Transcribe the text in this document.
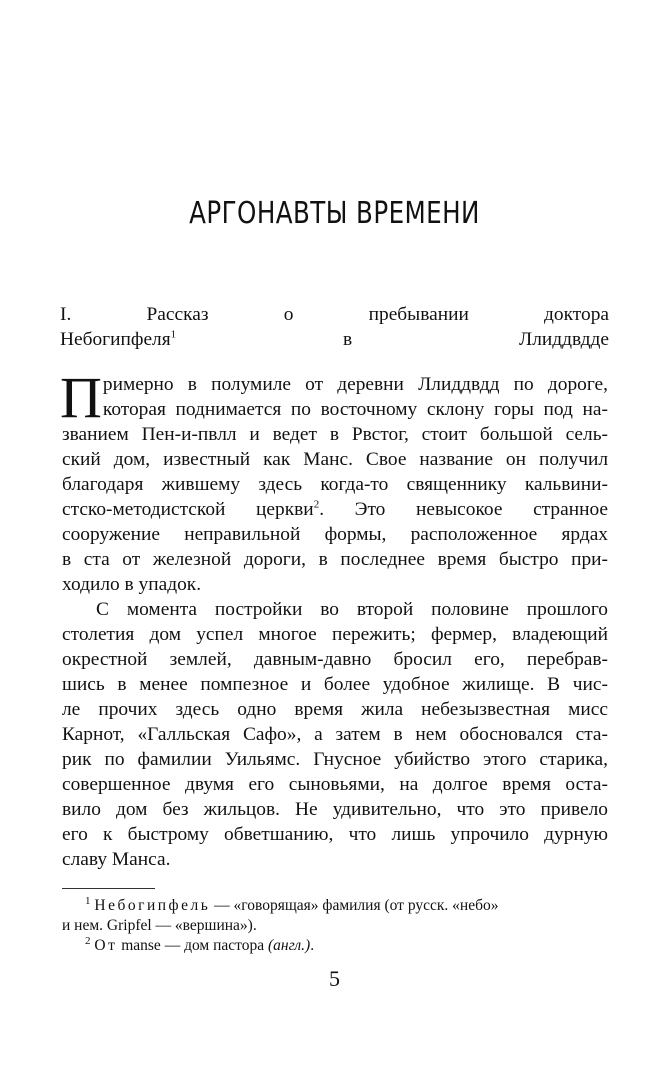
АРГОНАВТЫ ВРЕМЕНИ
I. Рассказ о пребывании доктора
Небогипфеля$^1$ в Ллиддвдде
П римерно в полумиле от деревни Ллиддвдд по дороге,
которая поднимается по восточному склону горы под на-
званием Пен-и-пвлл и ведет в Рвстог, стоит большой сель-
ский дом, известный как Манс. Свое название он получил
благодаря жившему здесь когда-то священнику кальвини-
стско-методистской церкви$^2$. Это невысокое странное
сооружение неправильной формы, расположенное ярдах
в ста от железной дороги, в последнее время быстро при-
ходило в упадок.
С момента постройки во второй половине прошлого
столетия дом успел многое пережить; фермер, владеющий
окрестной землей, давным-давно бросил его, перебрав-
шись в менее помпезное и более удобное жилище. В чис-
ле прочих здесь одно время жила небезызвестная мисс
Карнот, «Галльская Сафо», а затем в нем обосновался ста-
рик по фамилии Уильямс. Гнусное убийство этого старика,
совершенное двумя его сыновьями, на долгое время оста-
вило дом без жильцов. Не удивительно, что это привело
его к быстрому обветшанию, что лишь упрочило дурную
славу Манса.
$^1$ Небогипфель — «говорящая» фамилия (от русск. «небо»
и нем. Gripfel — «вершина»).
$^2$ От manse — дом пастора (англ.).
5
